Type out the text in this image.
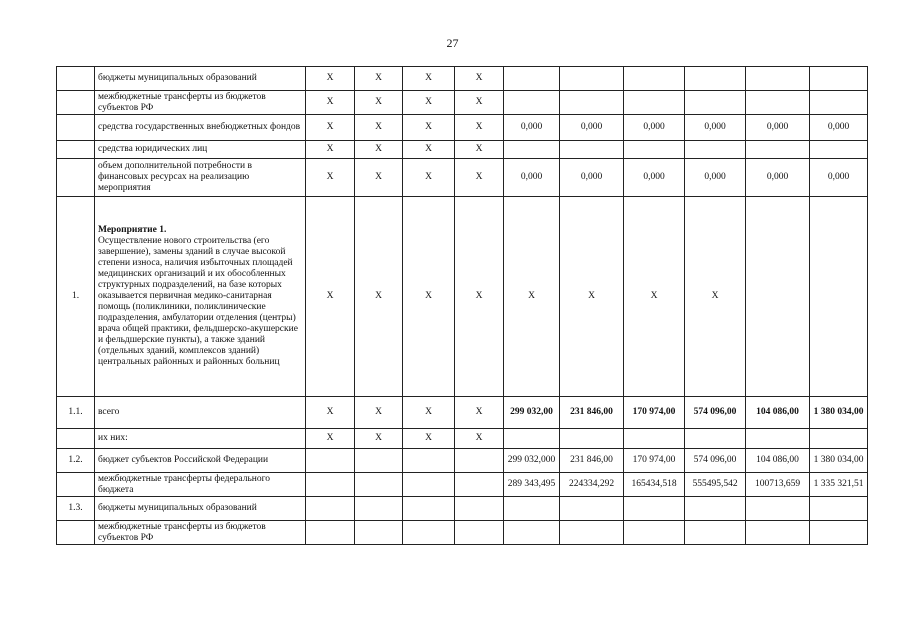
27

	бюджеты муниципальных образований	X	X	X	X						

	межбюджетные трансферты из бюджетов субъектов РФ	X	X	X	X						

	средства государственных внебюджетных фондов	X	X	X	X	0,000	0,000	0,000	0,000	0,000	0,000

	средства юридических лиц	X	X	X	X						

	объем дополнительной потребности в финансовых ресурсах на реализацию мероприятия	X	X	X	X	0,000	0,000	0,000	0,000	0,000	0,000
1.	Мероприятие 1.
Осуществление нового строительства (его завершение), замены зданий в случае высокой степени износа, наличия избыточных площадей медицинских организаций и их обособленных структурных подразделений, на базе которых оказывается первичная медико-санитарная помощь (поликлиники, поликлинические подразделения, амбулатории отделения (центры) врача общей практики, фельдшерско-акушерские и фельдшерские пункты), а также зданий (отдельных зданий, комплексов зданий) центральных районных и районных больниц	X	X	X	X	X	X	X	X		
1.1.	всего	X	X	X	X	299 032,00	231 846,00	170 974,00	574 096,00	104 086,00	1 380 034,00

	их них:	X	X	X	X						
1.2.	бюджет субъектов Российской Федерации					299 032,000	231 846,00	170 974,00	574 096,00	104 086,00	1 380 034,00

	межбюджетные трансферты федерального бюджета					289 343,495	224334,292	165434,518	555495,542	100713,659	1 335 321,51
1.3.	бюджеты муниципальных образований										

	межбюджетные трансферты из бюджетов субъектов РФ										
